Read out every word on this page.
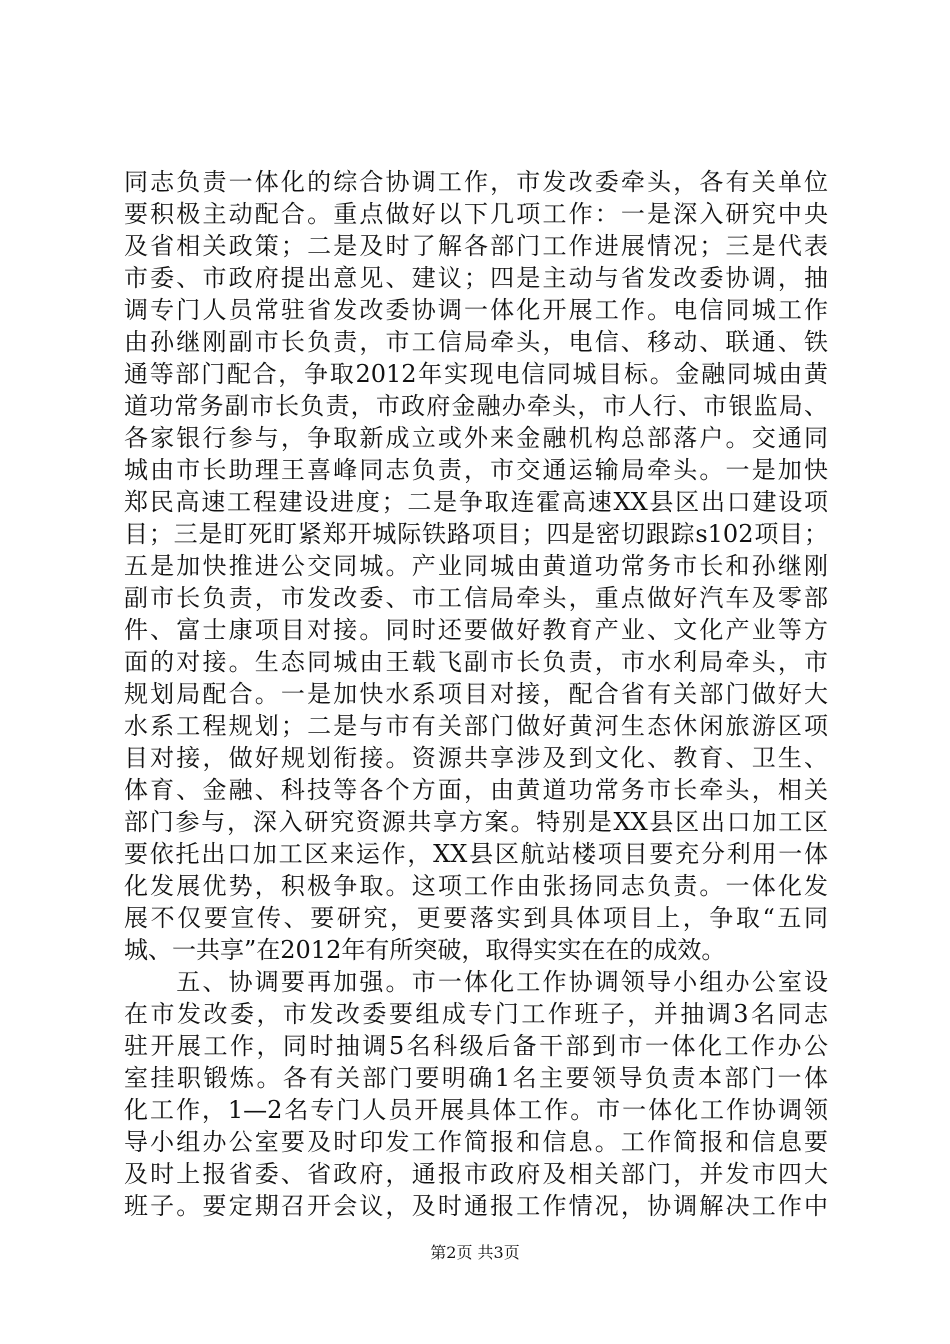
同志负责一体化的综合协调工作，市发改委牵头，各有关单位
要积极主动配合。重点做好以下几项工作：一是深入研究中央
及省相关政策；二是及时了解各部门工作进展情况；三是代表
市委、市政府提出意见、建议；四是主动与省发改委协调，抽
调专门人员常驻省发改委协调一体化开展工作。电信同城工作
由孙继刚副市长负责，市工信局牵头，电信、移动、联通、铁
通等部门配合，争取2012年实现电信同城目标。金融同城由黄
道功常务副市长负责，市政府金融办牵头，市人行、市银监局、
各家银行参与，争取新成立或外来金融机构总部落户。交通同
城由市长助理王喜峰同志负责，市交通运输局牵头。一是加快
郑民高速工程建设进度；二是争取连霍高速XX县区出口建设项
目；三是盯死盯紧郑开城际铁路项目；四是密切跟踪s102项目；
五是加快推进公交同城。产业同城由黄道功常务市长和孙继刚
副市长负责，市发改委、市工信局牵头，重点做好汽车及零部
件、富士康项目对接。同时还要做好教育产业、文化产业等方
面的对接。生态同城由王载飞副市长负责，市水利局牵头，市
规划局配合。一是加快水系项目对接，配合省有关部门做好大
水系工程规划；二是与市有关部门做好黄河生态休闲旅游区项
目对接，做好规划衔接。资源共享涉及到文化、教育、卫生、
体育、金融、科技等各个方面，由黄道功常务市长牵头，相关
部门参与，深入研究资源共享方案。特别是XX县区出口加工区
要依托出口加工区来运作，XX县区航站楼项目要充分利用一体
化发展优势，积极争取。这项工作由张扬同志负责。一体化发
展不仅要宣传、要研究，更要落实到具体项目上，争取“五同
城、一共享”在2012年有所突破，取得实实在在的成效。
　　五、协调要再加强。市一体化工作协调领导小组办公室设
在市发改委，市发改委要组成专门工作班子，并抽调3名同志
驻开展工作，同时抽调5名科级后备干部到市一体化工作办公
室挂职锻炼。各有关部门要明确1名主要领导负责本部门一体
化工作，1—2名专门人员开展具体工作。市一体化工作协调领
导小组办公室要及时印发工作简报和信息。工作简报和信息要
及时上报省委、省政府，通报市政府及相关部门，并发市四大
班子。要定期召开会议，及时通报工作情况，协调解决工作中
第2页 共3页
